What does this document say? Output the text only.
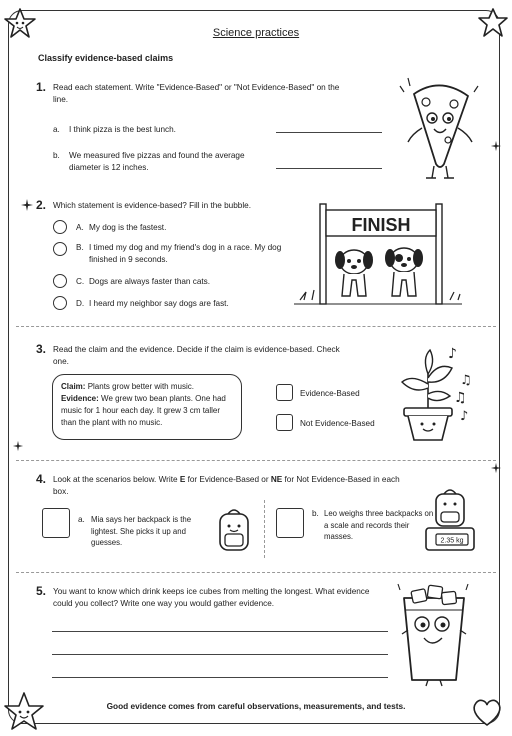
Science practices
Classify evidence-based claims
1. Read each statement. Write "Evidence-Based" or "Not Evidence-Based" on the line.
a. I think pizza is the best lunch.
b. We measured five pizzas and found the average diameter is 12 inches.
2. Which statement is evidence-based? Fill in the bubble.
A. My dog is the fastest.
B. I timed my dog and my friend's dog in a race. My dog finished in 9 seconds.
C. Dogs are always faster than cats.
D. I heard my neighbor say dogs are fast.
FINISH
3. Read the claim and the evidence. Decide if the claim is evidence-based. Check one.
Claim: Plants grow better with music.
Evidence: We grew two bean plants. One had music for 1 hour each day. It grew 3 cm taller than the plant with no music.
Evidence-Based
Not Evidence-Based
♪
♫
♫
♪
4. Look at the scenarios below. Write E for Evidence-Based or NE for Not Evidence-Based in each box.
a. Mia says her backpack is the lightest. She picks it up and guesses.
b. Leo weighs three backpacks on a scale and records their masses.	2.35 kg
5. You want to know which drink keeps ice cubes from melting the longest. What evidence could you collect? Write one way you would gather evidence.
Good evidence comes from careful observations, measurements, and tests.
